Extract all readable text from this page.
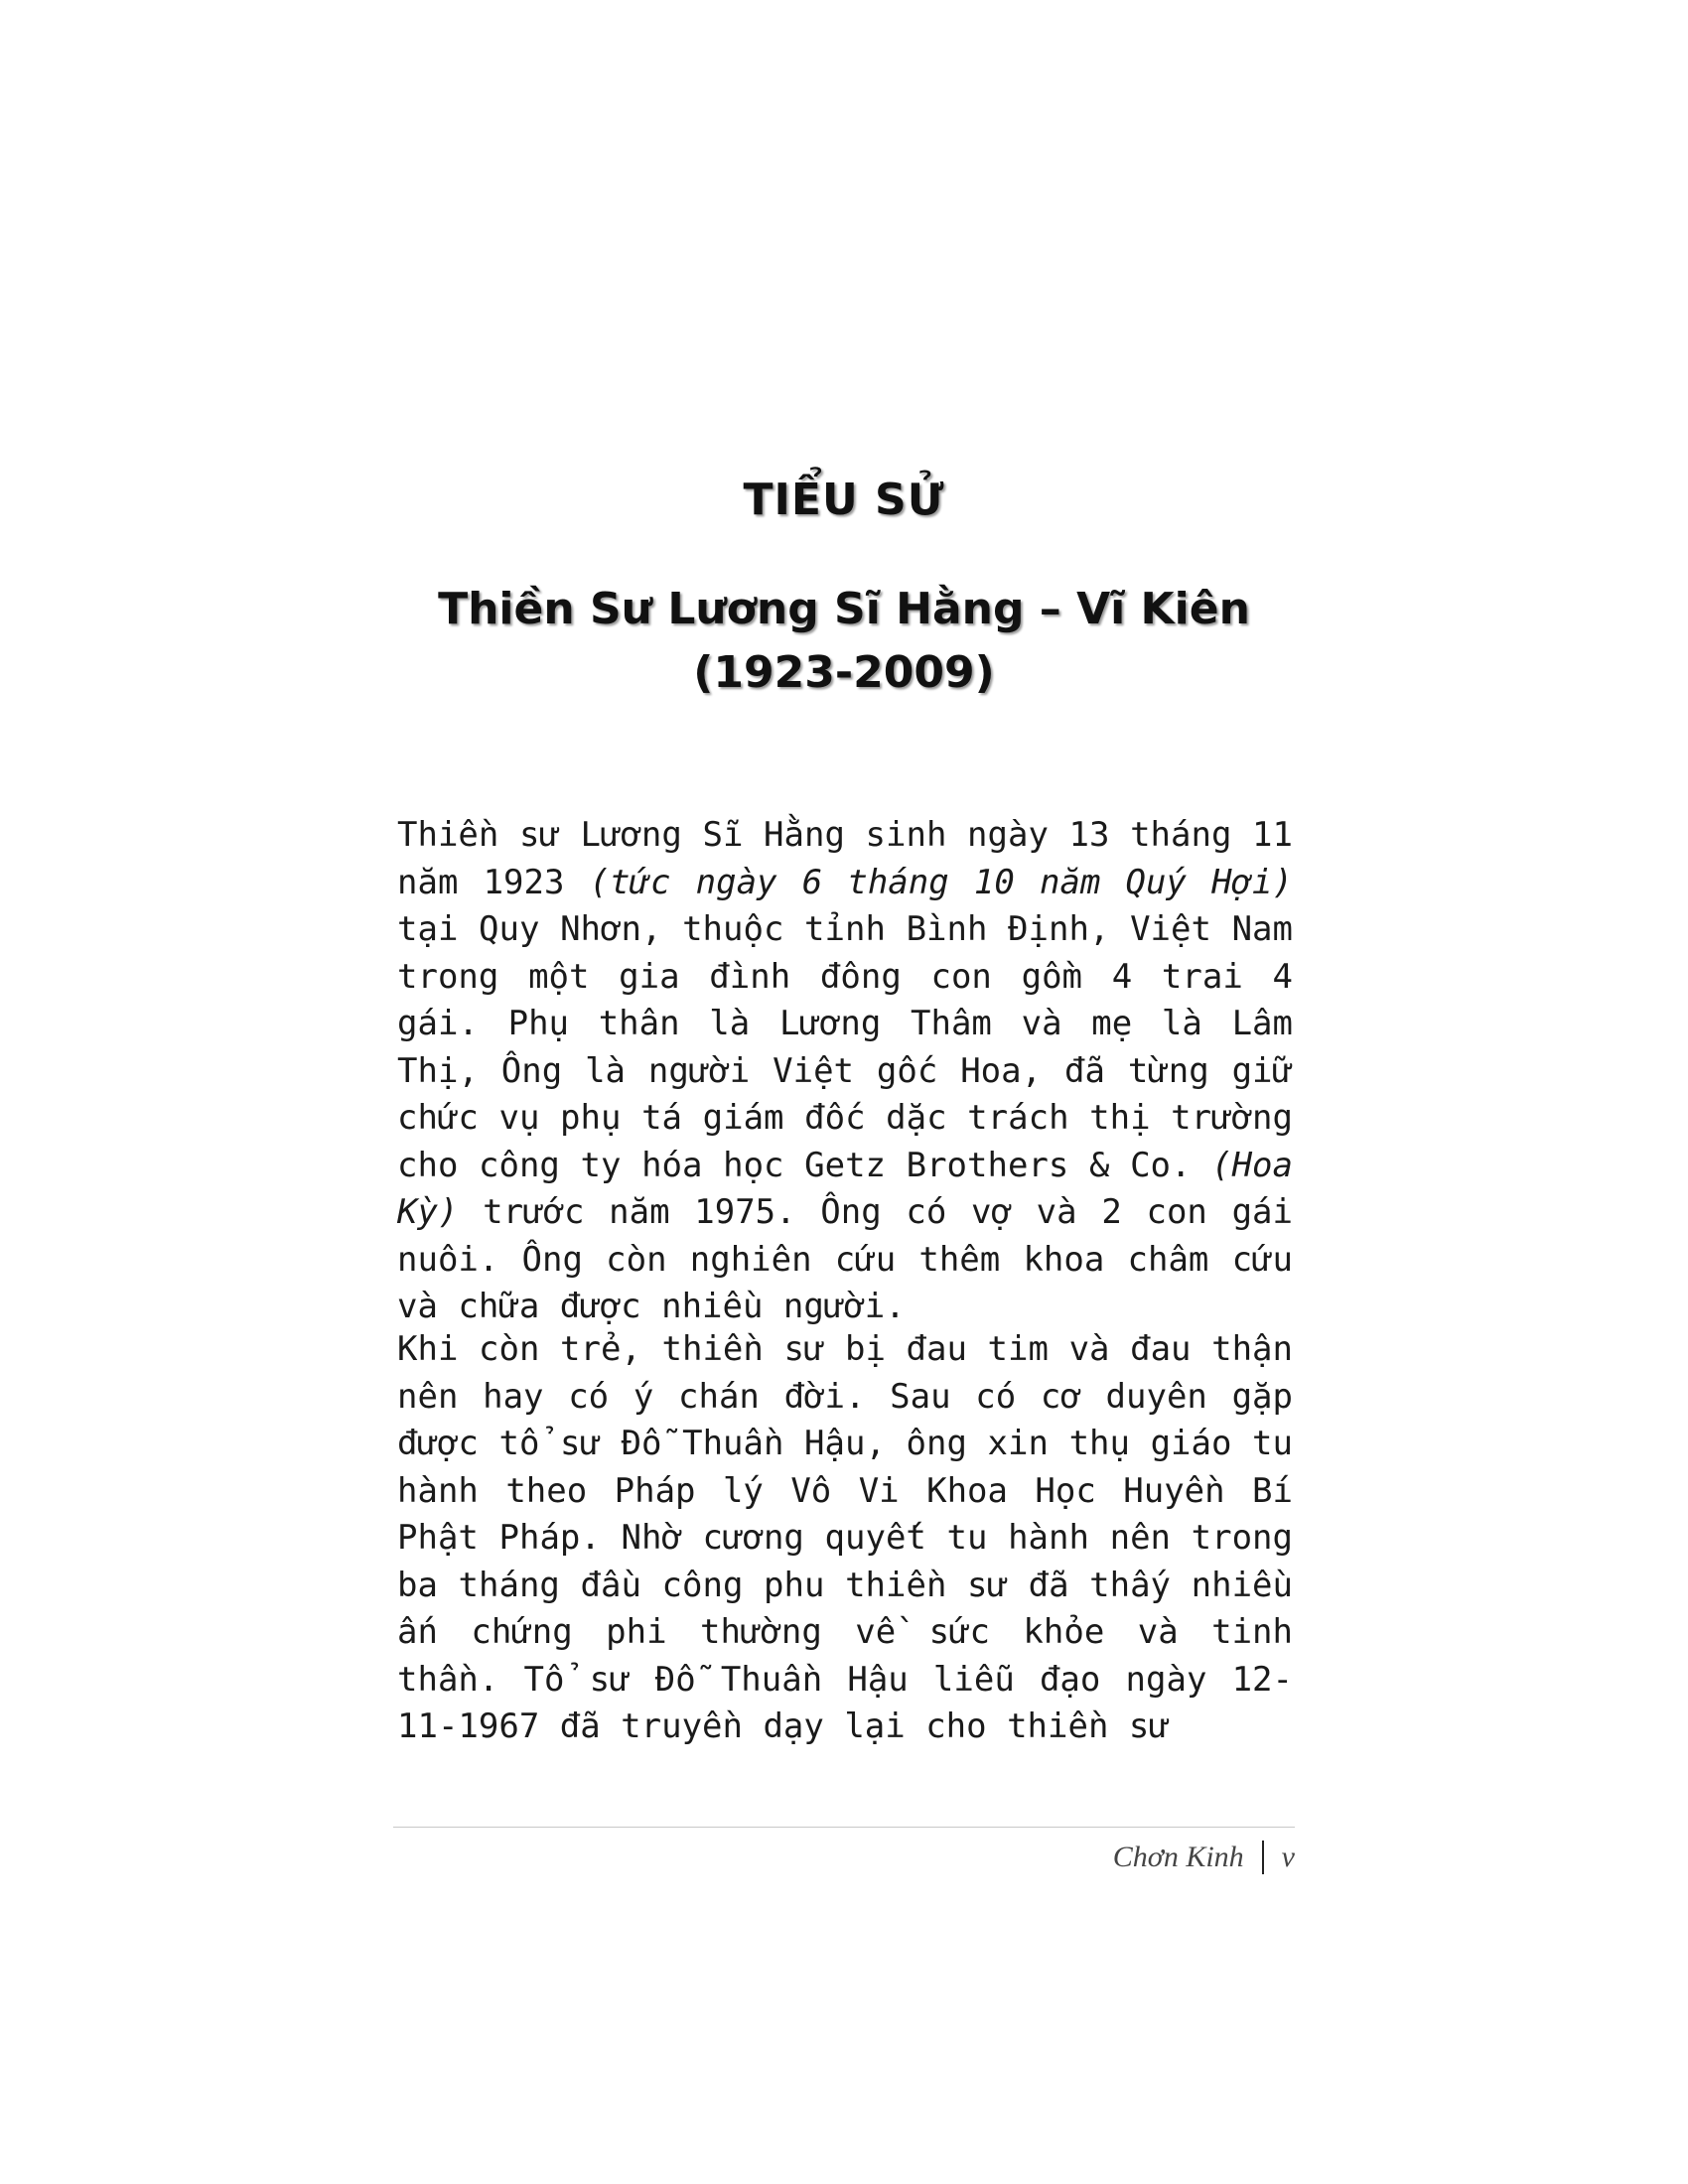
TIỂU SỬ
Thiền Sư Lương Sĩ Hằng – Vĩ Kiên
(1923-2009)

Thiền sư Lương Sĩ Hằng sinh ngày 13 tháng 11 năm 1923 (tức ngày 6 tháng 10 năm Quý Hợi) tại Quy Nhơn, thuộc tỉnh Bình Định, Việt Nam trong một gia đình đông con gồm 4 trai 4 gái. Phụ thân là Lương Thâm và mẹ là Lâm Thị, Ông là người Việt gốc Hoa, đã từng giữ chức vụ phụ tá giám đốc dặc trách thị trường cho công ty hóa học Getz Brothers & Co. (Hoa Kỳ) trước năm 1975. Ông có vợ và 2 con gái nuôi. Ông còn nghiên cứu thêm khoa châm cứu và chữa được nhiều người.

Khi còn trẻ, thiền sư bị đau tim và đau thận nên hay có ý chán đời. Sau có cơ duyên gặp được tổ sư Đỗ Thuần Hậu, ông xin thụ giáo tu hành theo Pháp lý Vô Vi Khoa Học Huyền Bí Phật Pháp. Nhờ cương quyết tu hành nên trong ba tháng đầu công phu thiền sư đã thấy nhiều ấn chứng phi thường về sức khỏe và tinh thần. Tổ sư Đỗ Thuần Hậu liễu đạo ngày 12-11-1967 đã truyền dạy lại cho thiền sư

Chơn Kinh v
